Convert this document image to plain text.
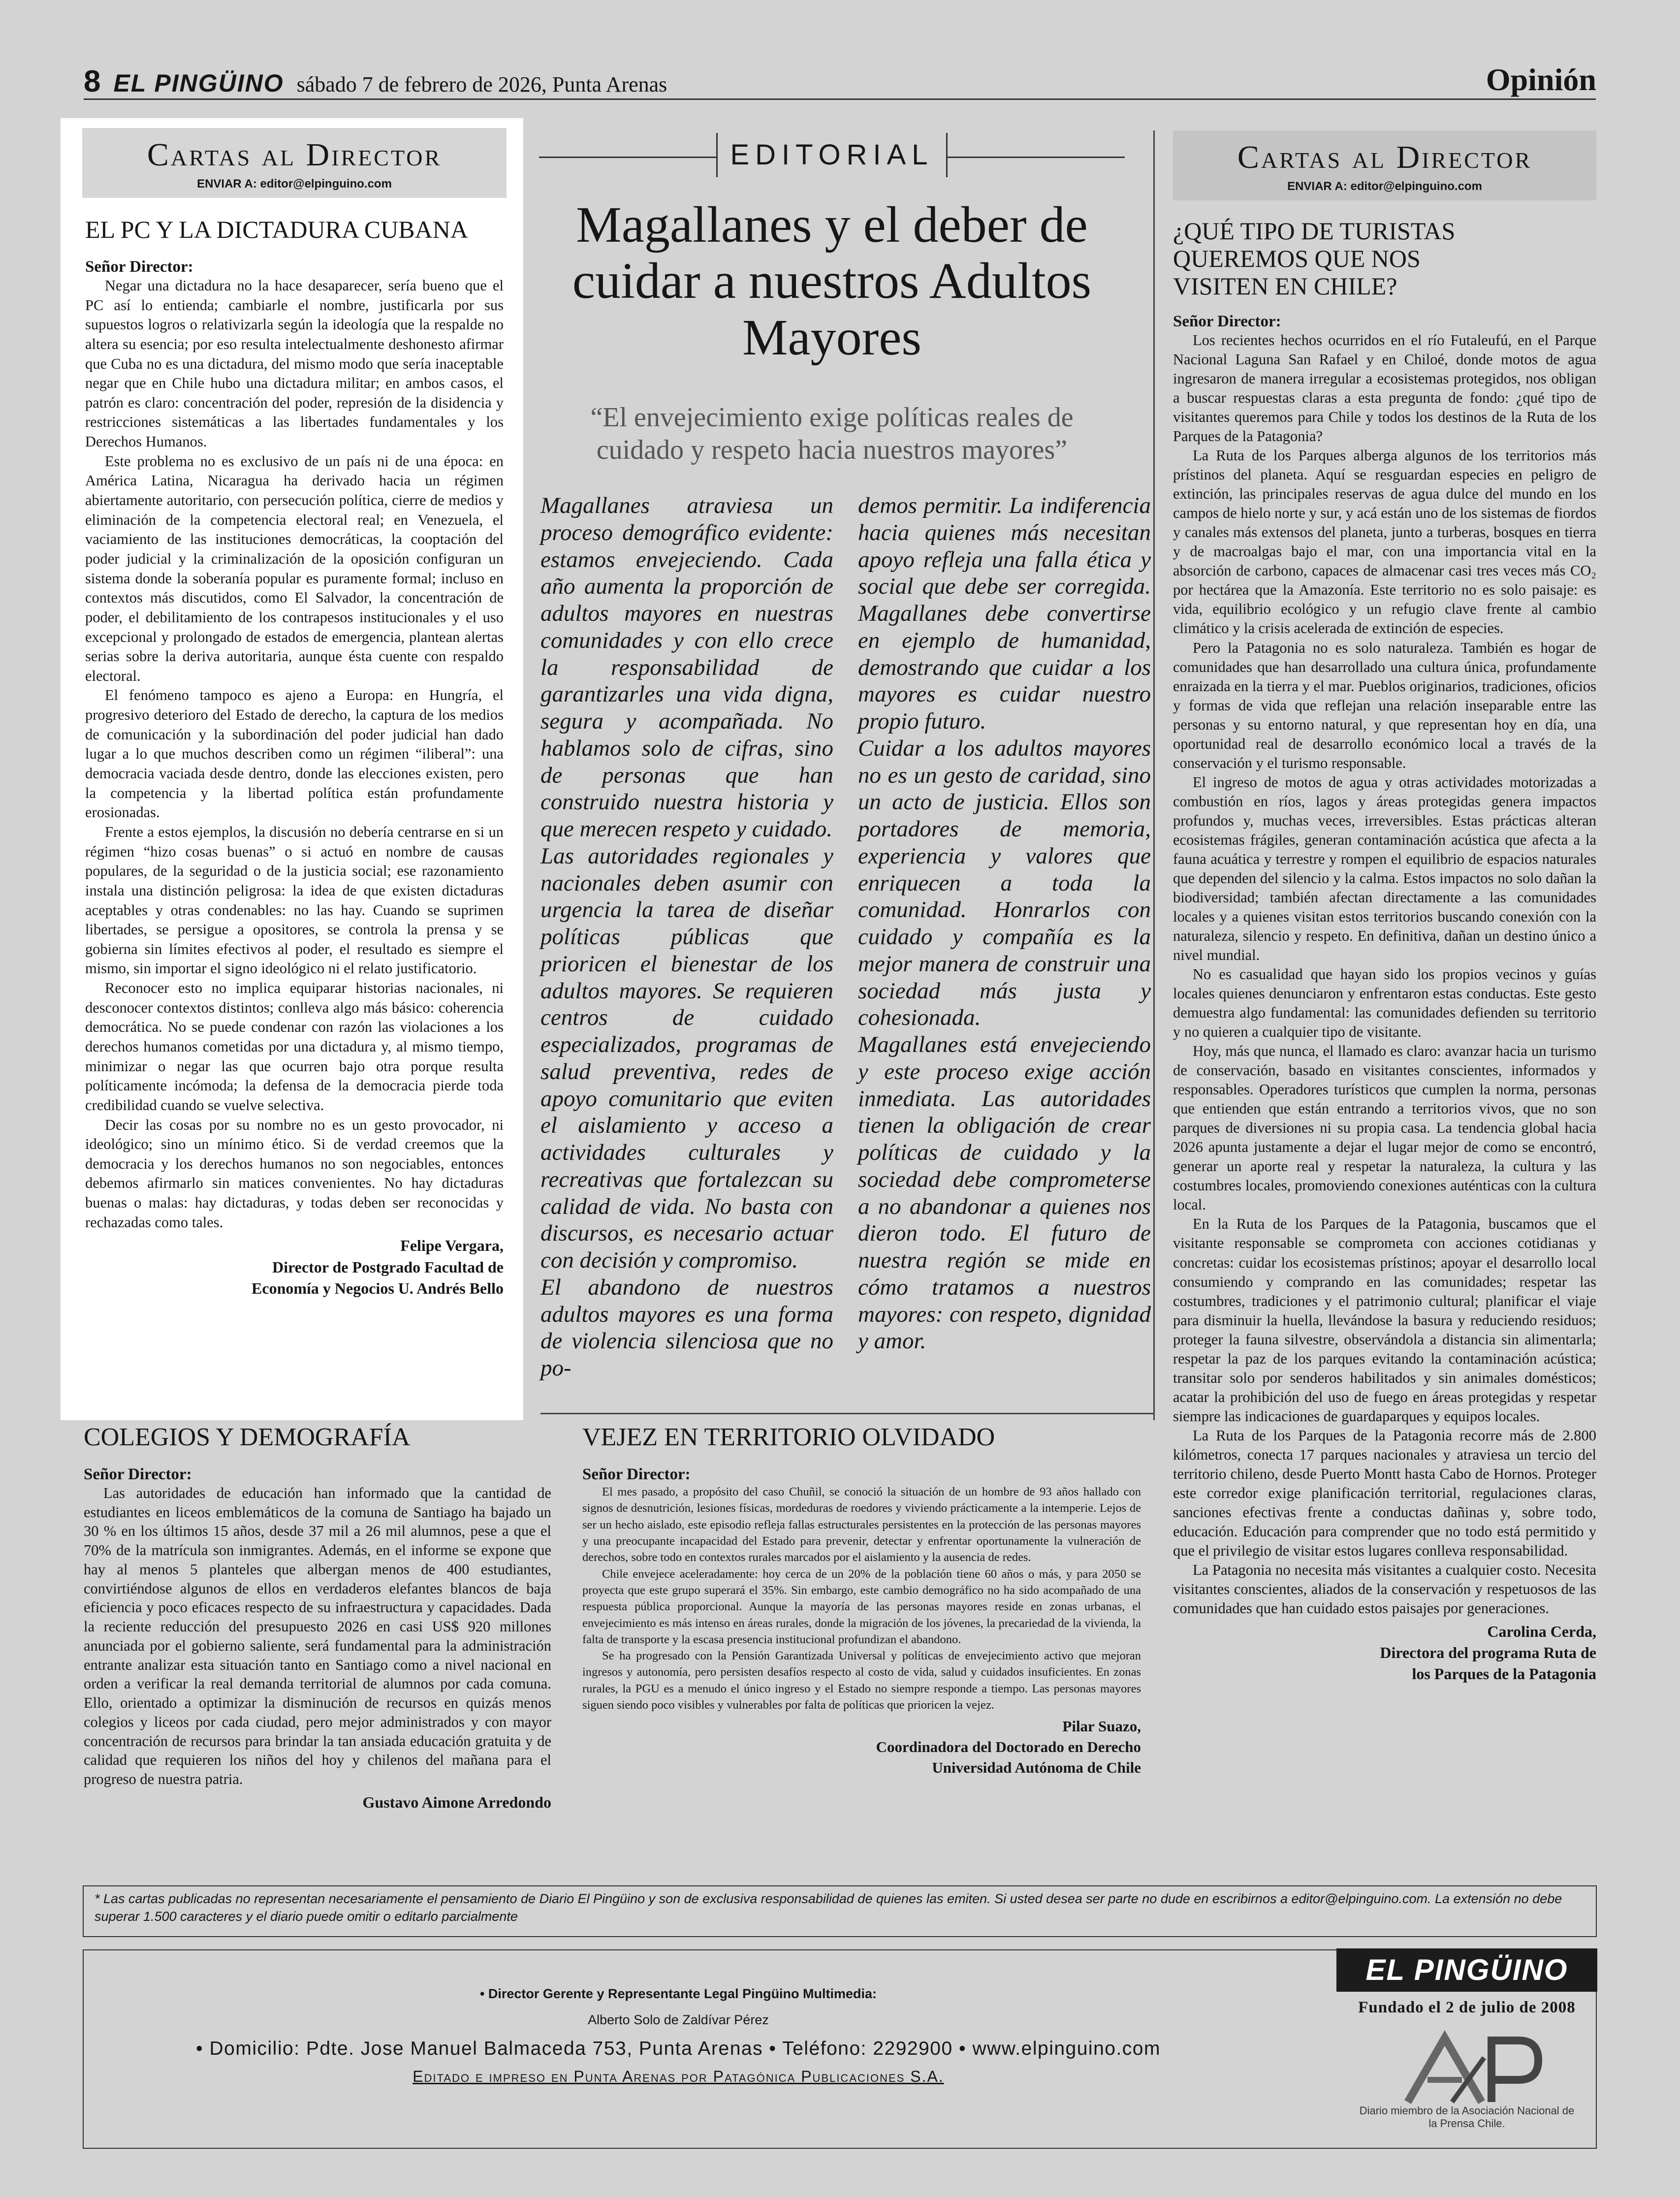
8 EL PINGÜINO sábado 7 de febrero de 2026, Punta Arenas	Opinión
Cartas al Director
ENVIAR A: editor@elpinguino.com
EL PC Y LA DICTADURA CUBANA
Señor Director:

Negar una dictadura no la hace desaparecer, sería bueno que el PC así lo entienda; cambiarle el nombre, justificarla por sus supuestos logros o relativizarla según la ideología que la respalde no altera su esencia; por eso resulta intelectualmente deshonesto afirmar que Cuba no es una dictadura, del mismo modo que sería inaceptable negar que en Chile hubo una dictadura militar; en ambos casos, el patrón es claro: concentración del poder, represión de la disidencia y restricciones sistemáticas a las libertades fundamentales y los Derechos Humanos.

Este problema no es exclusivo de un país ni de una época: en América Latina, Nicaragua ha derivado hacia un régimen abiertamente autoritario, con persecución política, cierre de medios y eliminación de la competencia electoral real; en Venezuela, el vaciamiento de las instituciones democráticas, la cooptación del poder judicial y la criminalización de la oposición configuran un sistema donde la soberanía popular es puramente formal; incluso en contextos más discutidos, como El Salvador, la concentración de poder, el debilitamiento de los contrapesos institucionales y el uso excepcional y prolongado de estados de emergencia, plantean alertas serias sobre la deriva autoritaria, aunque ésta cuente con respaldo electoral.

El fenómeno tampoco es ajeno a Europa: en Hungría, el progresivo deterioro del Estado de derecho, la captura de los medios de comunicación y la subordinación del poder judicial han dado lugar a lo que muchos describen como un régimen “iliberal”: una democracia vaciada desde dentro, donde las elecciones existen, pero la competencia y la libertad política están profundamente erosionadas.

Frente a estos ejemplos, la discusión no debería centrarse en si un régimen “hizo cosas buenas” o si actuó en nombre de causas populares, de la seguridad o de la justicia social; ese razonamiento instala una distinción peligrosa: la idea de que existen dictaduras aceptables y otras condenables: no las hay. Cuando se suprimen libertades, se persigue a opositores, se controla la prensa y se gobierna sin límites efectivos al poder, el resultado es siempre el mismo, sin importar el signo ideológico ni el relato justificatorio.

Reconocer esto no implica equiparar historias nacionales, ni desconocer contextos distintos; conlleva algo más básico: coherencia democrática. No se puede condenar con razón las violaciones a los derechos humanos cometidas por una dictadura y, al mismo tiempo, minimizar o negar las que ocurren bajo otra porque resulta políticamente incómoda; la defensa de la democracia pierde toda credibilidad cuando se vuelve selectiva.

Decir las cosas por su nombre no es un gesto provocador, ni ideológico; sino un mínimo ético. Si de verdad creemos que la democracia y los derechos humanos no son negociables, entonces debemos afirmarlo sin matices convenientes. No hay dictaduras buenas o malas: hay dictaduras, y todas deben ser reconocidas y rechazadas como tales.

Felipe Vergara,
Director de Postgrado Facultad de
Economía y Negocios U. Andrés Bello
EDITORIAL
Magallanes y el deber de cuidar a nuestros Adultos Mayores
“El envejecimiento exige políticas reales de cuidado y respeto hacia nuestros mayores”

Magallanes atraviesa un proceso demográfico evidente: estamos envejeciendo. Cada año aumenta la proporción de adultos mayores en nuestras comunidades y con ello crece la responsabilidad de garantizarles una vida digna, segura y acompañada. No hablamos solo de cifras, sino de personas que han construido nuestra historia y que merecen respeto y cuidado.

Las autoridades regionales y nacionales deben asumir con urgencia la tarea de diseñar políticas públicas que prioricen el bienestar de los adultos mayores. Se requieren centros de cuidado especializados, programas de salud preventiva, redes de apoyo comunitario que eviten el aislamiento y acceso a actividades culturales y recreativas que fortalezcan su calidad de vida. No basta con discursos, es necesario actuar con decisión y compromiso.

El abandono de nuestros adultos mayores es una forma de violencia silenciosa que no po-

demos permitir. La indiferencia hacia quienes más necesitan apoyo refleja una falla ética y social que debe ser corregida. Magallanes debe convertirse en ejemplo de humanidad, demostrando que cuidar a los mayores es cuidar nuestro propio futuro.

Cuidar a los adultos mayores no es un gesto de caridad, sino un acto de justicia. Ellos son portadores de memoria, experiencia y valores que enriquecen a toda la comunidad. Honrarlos con cuidado y compañía es la mejor manera de construir una sociedad más justa y cohesionada.

Magallanes está envejeciendo y este proceso exige acción inmediata. Las autoridades tienen la obligación de crear políticas de cuidado y la sociedad debe comprometerse a no abandonar a quienes nos dieron todo. El futuro de nuestra región se mide en cómo tratamos a nuestros mayores: con respeto, dignidad y amor.

Cartas al Director
ENVIAR A: editor@elpinguino.com
¿QUÉ TIPO DE TURISTAS QUEREMOS QUE NOS VISITEN EN CHILE?
Señor Director:

Los recientes hechos ocurridos en el río Futaleufú, en el Parque Nacional Laguna San Rafael y en Chiloé, donde motos de agua ingresaron de manera irregular a ecosistemas protegidos, nos obligan a buscar respuestas claras a esta pregunta de fondo: ¿qué tipo de visitantes queremos para Chile y todos los destinos de la Ruta de los Parques de la Patagonia?

La Ruta de los Parques alberga algunos de los territorios más prístinos del planeta. Aquí se resguardan especies en peligro de extinción, las principales reservas de agua dulce del mundo en los campos de hielo norte y sur, y acá están uno de los sistemas de fiordos y canales más extensos del planeta, junto a turberas, bosques en tierra y de macroalgas bajo el mar, con una importancia vital en la absorción de carbono, capaces de almacenar casi tres veces más CO₂ por hectárea que la Amazonía. Este territorio no es solo paisaje: es vida, equilibrio ecológico y un refugio clave frente al cambio climático y la crisis acelerada de extinción de especies.

Pero la Patagonia no es solo naturaleza. También es hogar de comunidades que han desarrollado una cultura única, profundamente enraizada en la tierra y el mar. Pueblos originarios, tradiciones, oficios y formas de vida que reflejan una relación inseparable entre las personas y su entorno natural, y que representan hoy en día, una oportunidad real de desarrollo económico local a través de la conservación y el turismo responsable.

El ingreso de motos de agua y otras actividades motorizadas a combustión en ríos, lagos y áreas protegidas genera impactos profundos y, muchas veces, irreversibles. Estas prácticas alteran ecosistemas frágiles, generan contaminación acústica que afecta a la fauna acuática y terrestre y rompen el equilibrio de espacios naturales que dependen del silencio y la calma. Estos impactos no solo dañan la biodiversidad; también afectan directamente a las comunidades locales y a quienes visitan estos territorios buscando conexión con la naturaleza, silencio y respeto. En definitiva, dañan un destino único a nivel mundial.

No es casualidad que hayan sido los propios vecinos y guías locales quienes denunciaron y enfrentaron estas conductas. Este gesto demuestra algo fundamental: las comunidades defienden su territorio y no quieren a cualquier tipo de visitante.

Hoy, más que nunca, el llamado es claro: avanzar hacia un turismo de conservación, basado en visitantes conscientes, informados y responsables. Operadores turísticos que cumplen la norma, personas que entienden que están entrando a territorios vivos, que no son parques de diversiones ni su propia casa. La tendencia global hacia 2026 apunta justamente a dejar el lugar mejor de como se encontró, generar un aporte real y respetar la naturaleza, la cultura y las costumbres locales, promoviendo conexiones auténticas con la cultura local.

En la Ruta de los Parques de la Patagonia, buscamos que el visitante responsable se comprometa con acciones cotidianas y concretas: cuidar los ecosistemas prístinos; apoyar el desarrollo local consumiendo y comprando en las comunidades; respetar las costumbres, tradiciones y el patrimonio cultural; planificar el viaje para disminuir la huella, llevándose la basura y reduciendo residuos; proteger la fauna silvestre, observándola a distancia sin alimentarla; respetar la paz de los parques evitando la contaminación acústica; transitar solo por senderos habilitados y sin animales domésticos; acatar la prohibición del uso de fuego en áreas protegidas y respetar siempre las indicaciones de guardaparques y equipos locales.

La Ruta de los Parques de la Patagonia recorre más de 2.800 kilómetros, conecta 17 parques nacionales y atraviesa un tercio del territorio chileno, desde Puerto Montt hasta Cabo de Hornos. Proteger este corredor exige planificación territorial, regulaciones claras, sanciones efectivas frente a conductas dañinas y, sobre todo, educación. Educación para comprender que no todo está permitido y que el privilegio de visitar estos lugares conlleva responsabilidad.

La Patagonia no necesita más visitantes a cualquier costo. Necesita visitantes conscientes, aliados de la conservación y respetuosos de las comunidades que han cuidado estos paisajes por generaciones.

Carolina Cerda,
Directora del programa Ruta de
los Parques de la Patagonia
COLEGIOS Y DEMOGRAFÍA
Señor Director:

Las autoridades de educación han informado que la cantidad de estudiantes en liceos emblemáticos de la comuna de Santiago ha bajado un 30 % en los últimos 15 años, desde 37 mil a 26 mil alumnos, pese a que el 70% de la matrícula son inmigrantes. Además, en el informe se expone que hay al menos 5 planteles que albergan menos de 400 estudiantes, convirtiéndose algunos de ellos en verdaderos elefantes blancos de baja eficiencia y poco eficaces respecto de su infraestructura y capacidades. Dada la reciente reducción del presupuesto 2026 en casi US$ 920 millones anunciada por el gobierno saliente, será fundamental para la administración entrante analizar esta situación tanto en Santiago como a nivel nacional en orden a verificar la real demanda territorial de alumnos por cada comuna. Ello, orientado a optimizar la disminución de recursos en quizás menos colegios y liceos por cada ciudad, pero mejor administrados y con mayor concentración de recursos para brindar la tan ansiada educación gratuita y de calidad que requieren los niños del hoy y chilenos del mañana para el progreso de nuestra patria.

Gustavo Aimone Arredondo
VEJEZ EN TERRITORIO OLVIDADO
Señor Director:

El mes pasado, a propósito del caso Chuñil, se conoció la situación de un hombre de 93 años hallado con signos de desnutrición, lesiones físicas, mordeduras de roedores y viviendo prácticamente a la intemperie. Lejos de ser un hecho aislado, este episodio refleja fallas estructurales persistentes en la protección de las personas mayores y una preocupante incapacidad del Estado para prevenir, detectar y enfrentar oportunamente la vulneración de derechos, sobre todo en contextos rurales marcados por el aislamiento y la ausencia de redes.

Chile envejece aceleradamente: hoy cerca de un 20% de la población tiene 60 años o más, y para 2050 se proyecta que este grupo superará el 35%. Sin embargo, este cambio demográfico no ha sido acompañado de una respuesta pública proporcional. Aunque la mayoría de las personas mayores reside en zonas urbanas, el envejecimiento es más intenso en áreas rurales, donde la migración de los jóvenes, la precariedad de la vivienda, la falta de transporte y la escasa presencia institucional profundizan el abandono.

Se ha progresado con la Pensión Garantizada Universal y políticas de envejecimiento activo que mejoran ingresos y autonomía, pero persisten desafíos respecto al costo de vida, salud y cuidados insuficientes. En zonas rurales, la PGU es a menudo el único ingreso y el Estado no siempre responde a tiempo. Las personas mayores siguen siendo poco visibles y vulnerables por falta de políticas que prioricen la vejez.

Pilar Suazo,
Coordinadora del Doctorado en Derecho
Universidad Autónoma de Chile
* Las cartas publicadas no representan necesariamente el pensamiento de Diario El Pingüino y son de exclusiva responsabilidad de quienes las emiten. Si usted desea ser parte no dude en escribirnos a editor@elpinguino.com. La extensión no debe superar 1.500 caracteres y el diario puede omitir o editarlo parcialmente
• Director Gerente y Representante Legal Pingüino Multimedia:
Alberto Solo de Zaldívar Pérez
• Domicilio: Pdte. Jose Manuel Balmaceda 753, Punta Arenas • Teléfono: 2292900 • www.elpinguino.com
Editado e impreso en Punta Arenas por Patagónica Publicaciones S.A.
EL PINGÜINO
Fundado el 2 de julio de 2008
ANP
Diario miembro de la Asociación Nacional de la Prensa Chile.
